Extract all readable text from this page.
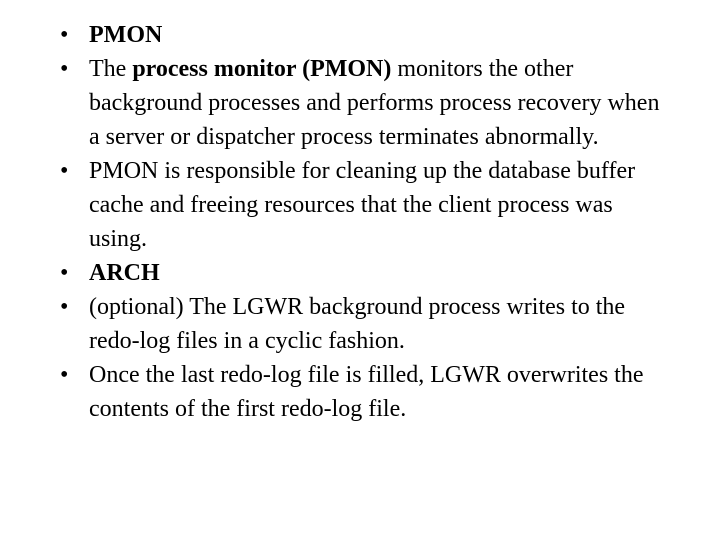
• PMON
• The process monitor (PMON) monitors the other background processes and performs process recovery when a server or dispatcher process terminates abnormally.
• PMON is responsible for cleaning up the database buffer cache and freeing resources that the client process was using.
• ARCH
• (optional) The LGWR background process writes to the redo-log files in a cyclic fashion.
• Once the last redo-log file is filled, LGWR overwrites the contents of the first redo-log file.
